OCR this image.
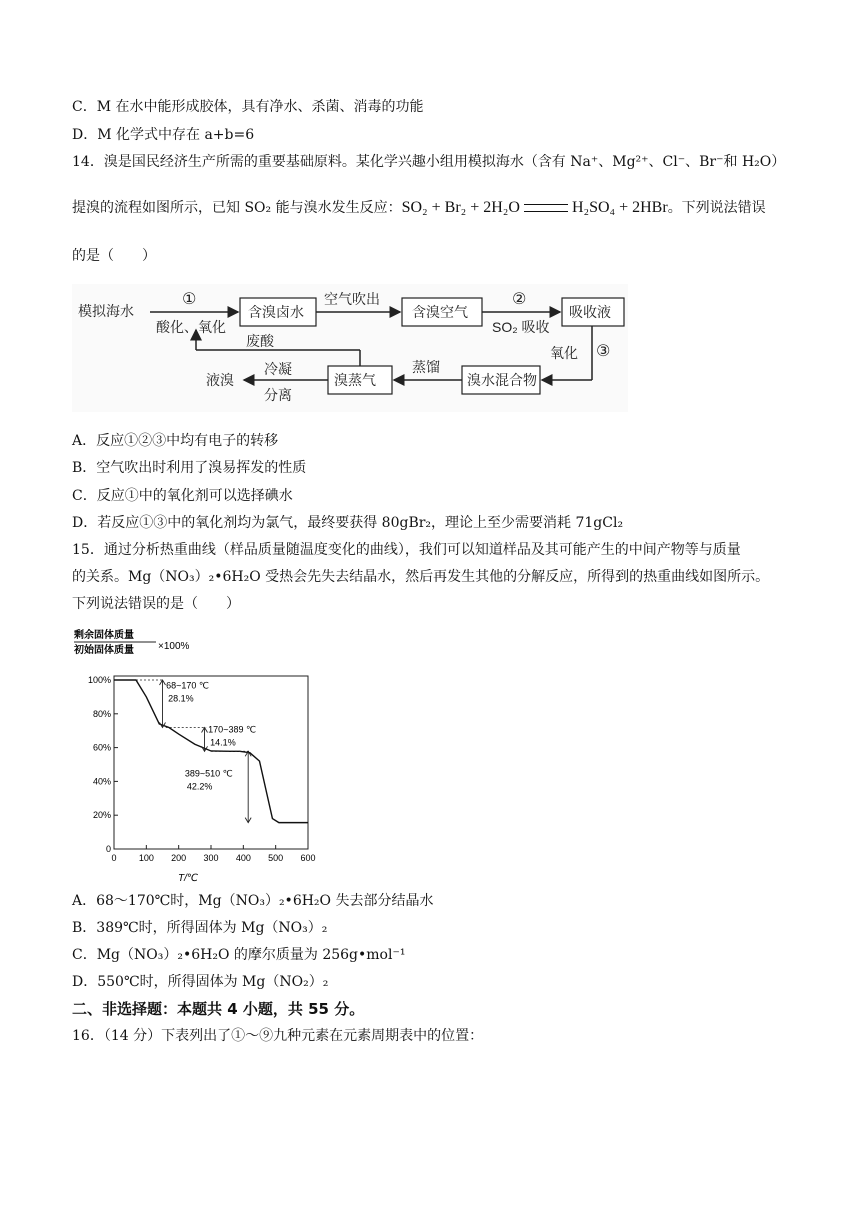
C．M 在水中能形成胶体，具有净水、杀菌、消毒的功能
D．M 化学式中存在 a+b=6
14．溴是国民经济生产所需的重要基础原料。某化学兴趣小组用模拟海水（含有 Na⁺、Mg²⁺、Cl⁻、Br⁻和 H₂O）
提溴的流程如图所示，已知 SO₂ 能与溴水发生反应：SO₂ + Br₂ + 2H₂O	H₂SO₄ + 2HBr。下列说法错误
的是（　　）
模拟海水
①
酸化、氧化
含溴卤水
空气吹出
含溴空气
②
SO₂ 吸收
吸收液
氧化 ③
溴水混合物
蒸馏
溴蒸气
废酸
冷凝
分离
液溴
A．反应①②③中均有电子的转移
B．空气吹出时利用了溴易挥发的性质
C．反应①中的氧化剂可以选择碘水
D．若反应①③中的氧化剂均为氯气，最终要获得 80gBr₂，理论上至少需要消耗 71gCl₂
15．通过分析热重曲线（样品质量随温度变化的曲线），我们可以知道样品及其可能产生的中间产物等与质量
的关系。Mg（NO₃）₂•6H₂O 受热会先失去结晶水，然后再发生其他的分解反应，所得到的热重曲线如图所示。
下列说法错误的是（　　）
剩余固体质量
初始固体质量 ×100%
0 100 200 300 400 500 600
0
20%
40%
60%
80%
100%
68~170 ℃
28.1%
170~389 ℃
14.1%
389~510 ℃
42.2%
T/℃
A．68～170℃时，Mg（NO₃）₂•6H₂O 失去部分结晶水
B．389℃时，所得固体为 Mg（NO₃）₂
C．Mg（NO₃）₂•6H₂O 的摩尔质量为 256g•mol⁻¹
D．550℃时，所得固体为 Mg（NO₂）₂
二、非选择题：本题共 4 小题，共 55 分。
16．（14 分）下表列出了①～⑨九种元素在元素周期表中的位置：
